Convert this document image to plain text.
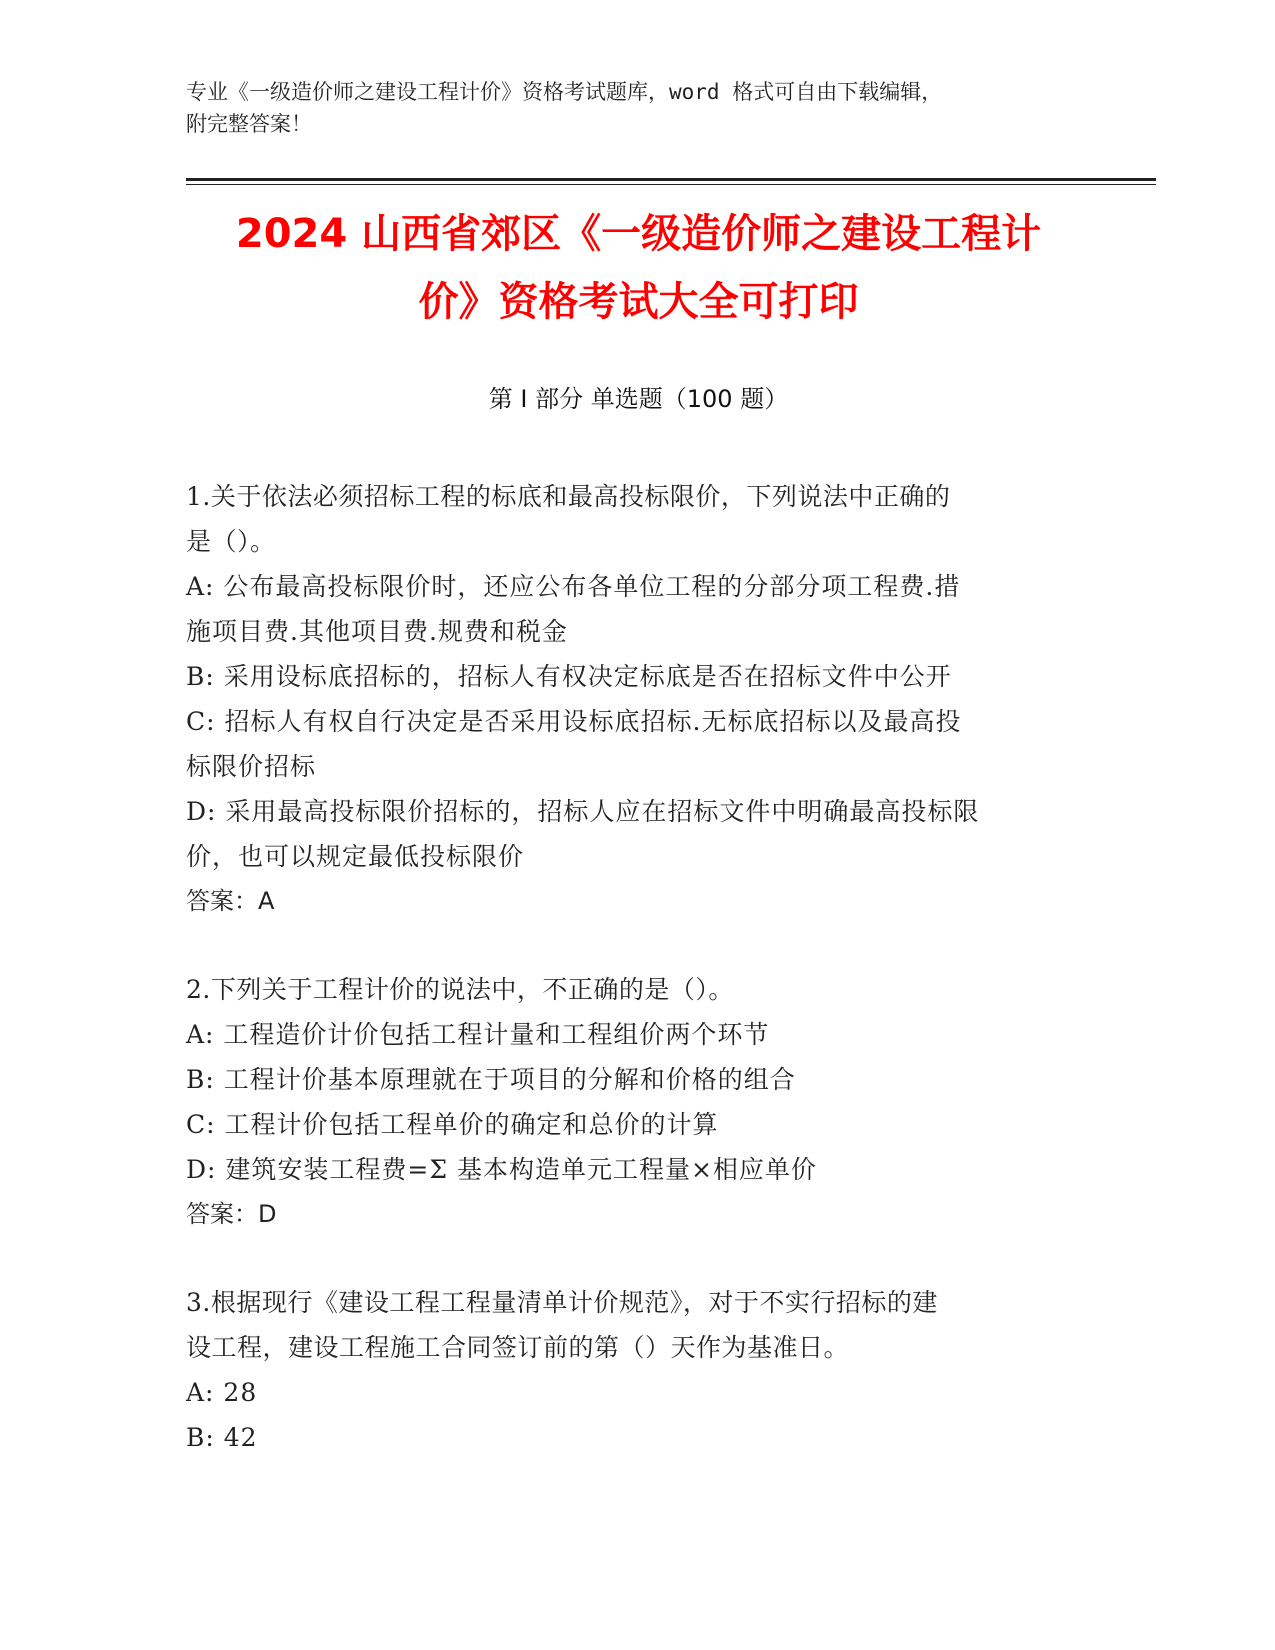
专业《一级造价师之建设工程计价》资格考试题库，word 格式可自由下载编辑，
附完整答案！
2024 山西省郊区《一级造价师之建设工程计
价》资格考试大全可打印
第 I 部分 单选题（100 题）

1.关于依法必须招标工程的标底和最高投标限价，下列说法中正确的

是（）。

A: 公布最高投标限价时，还应公布各单位工程的分部分项工程费.措

施项目费.其他项目费.规费和税金

B: 采用设标底招标的，招标人有权决定标底是否在招标文件中公开

C: 招标人有权自行决定是否采用设标底招标.无标底招标以及最高投

标限价招标

D: 采用最高投标限价招标的，招标人应在招标文件中明确最高投标限

价，也可以规定最低投标限价

答案：A

2.下列关于工程计价的说法中，不正确的是（）。

A: 工程造价计价包括工程计量和工程组价两个环节

B: 工程计价基本原理就在于项目的分解和价格的组合

C: 工程计价包括工程单价的确定和总价的计算

D: 建筑安装工程费=Σ 基本构造单元工程量×相应单价

答案：D

3.根据现行《建设工程工程量清单计价规范》，对于不实行招标的建

设工程，建设工程施工合同签订前的第（）天作为基准日。

A: 28

B: 42
